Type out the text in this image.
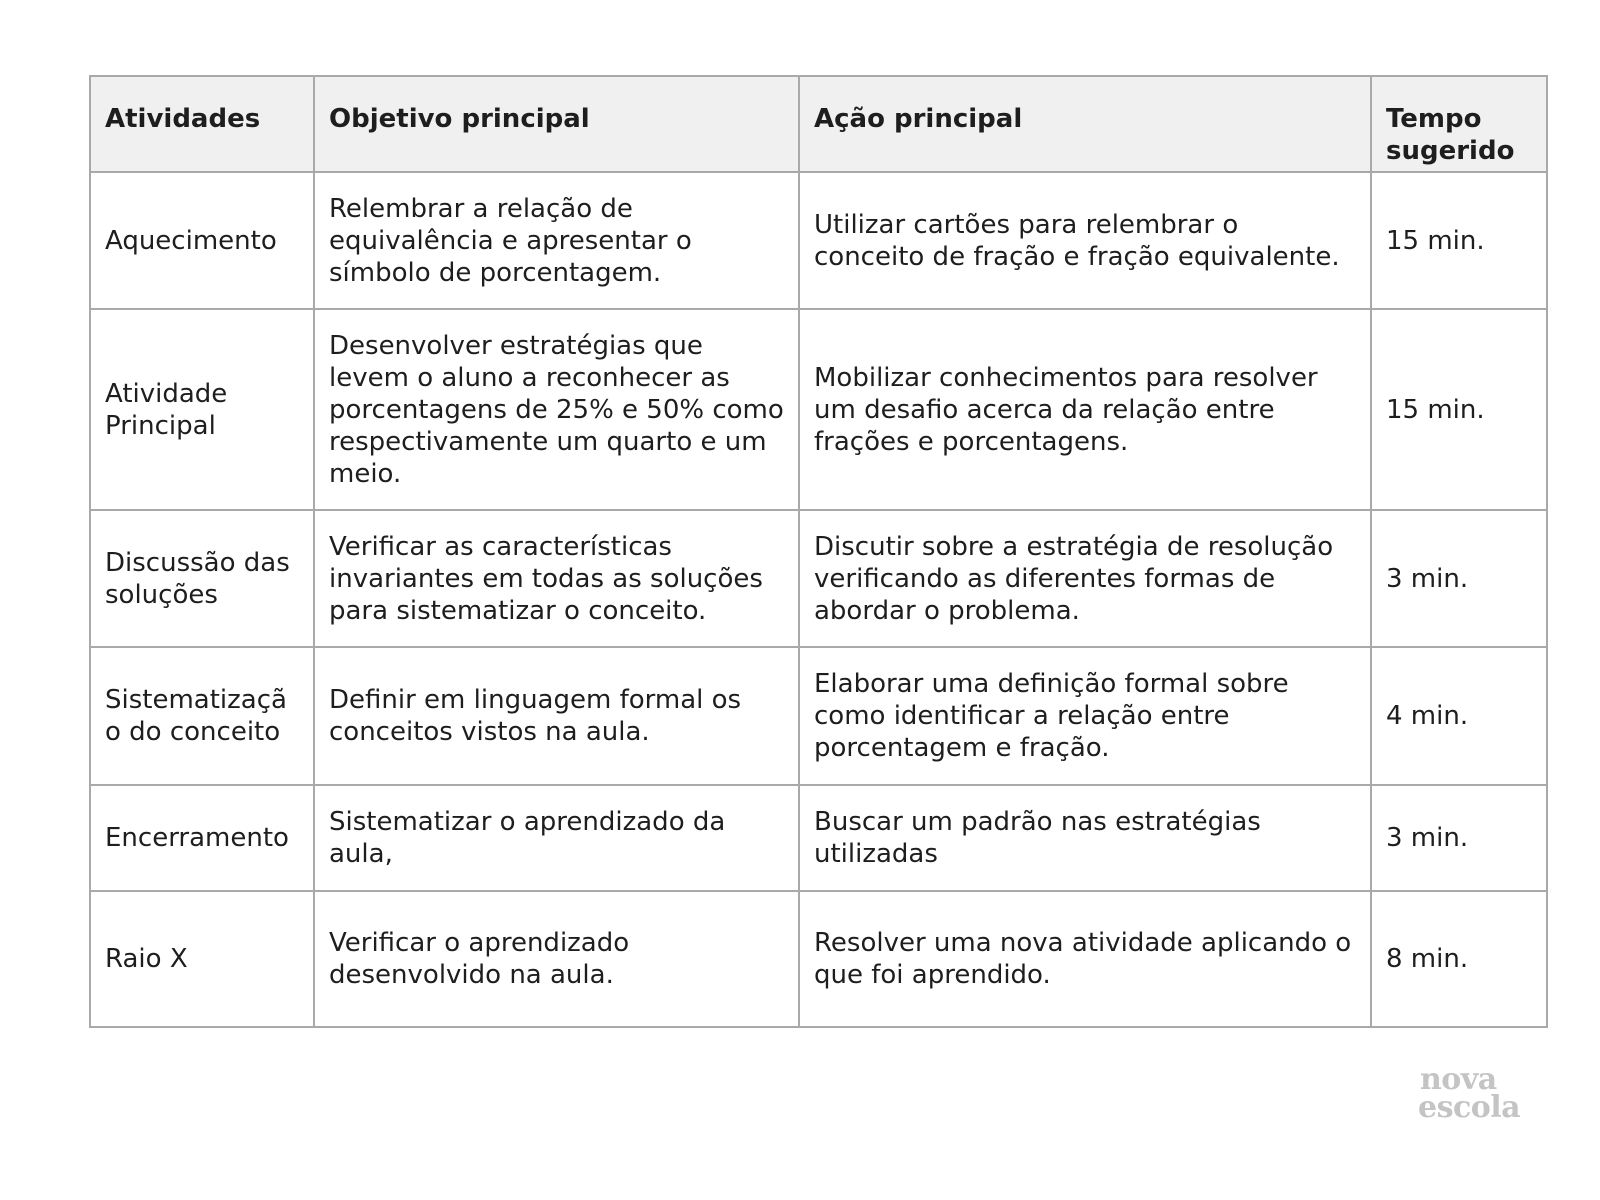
Atividades	Objetivo principal	Ação principal	Tempo sugerido
Aquecimento	Relembrar a relação de equivalência e apresentar o símbolo de porcentagem.	Utilizar cartões para relembrar o conceito de fração e fração equivalente.	15 min.
Atividade Principal	Desenvolver estratégias que levem o aluno a reconhecer as porcentagens de 25% e 50% como respectivamente um quarto e um meio.	Mobilizar conhecimentos para resolver um desafio acerca da relação entre frações e porcentagens.	15 min.
Discussão das soluções	Verificar as características invariantes em todas as soluções para sistematizar o conceito.	Discutir sobre a estratégia de resolução verificando as diferentes formas de abordar o problema.	3 min.
Sistematização do conceito	Definir em linguagem formal os conceitos vistos na aula.	Elaborar uma definição formal sobre como identificar a relação entre porcentagem e fração.	4 min.
Encerramento	Sistematizar o aprendizado da aula,	Buscar um padrão nas estratégias utilizadas	3 min.
Raio X	Verificar o aprendizado desenvolvido na aula.	Resolver uma nova atividade aplicando o que foi aprendido.	8 min.
nova
escola
